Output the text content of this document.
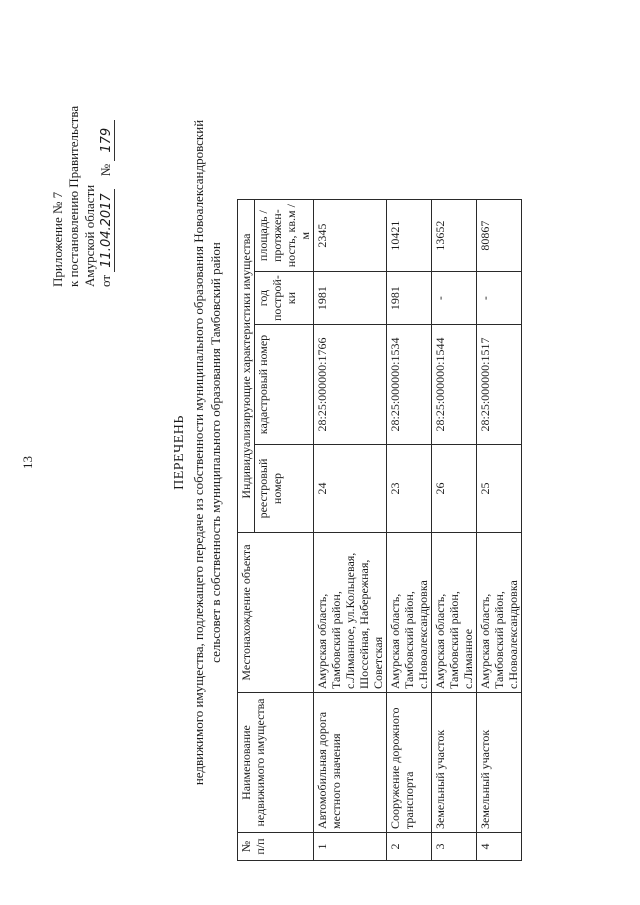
13
Приложение № 7 к постановлению Правительства Амурской области от 11.04.2017    № 179
ПЕРЕЧЕНЬ недвижимого имущества, подлежащего передаче из собственности муниципального образования Новоалександровский сельсовет в собственность муниципального образования Тамбовский район
№ п/п	Наименование недвижимого имущества	Местонахождение объекта	Индивидуализирующие характеристики имущества			
			реестровый номер	кадастровый номер	год построй-ки	площадь / протяжен-ность, кв.м / м
1	Автомобильная дорога местного значения	Амурская область, Тамбовский район, с.Лиманное, ул.Кольцевая, Шоссейная, Набережная, Советская	24	28:25:000000:1766	1981	2345
2	Сооружение дорожного транспорта	Амурская область, Тамбовский район, с.Новоалександровка	23	28:25:000000:1534	1981	10421
3	Земельный участок	Амурская область, Тамбовский район, с.Лиманное	26	28:25:000000:1544	-	13652
4	Земельный участок	Амурская область, Тамбовский район, с.Новоалександровка	25	28:25:000000:1517	-	80867
